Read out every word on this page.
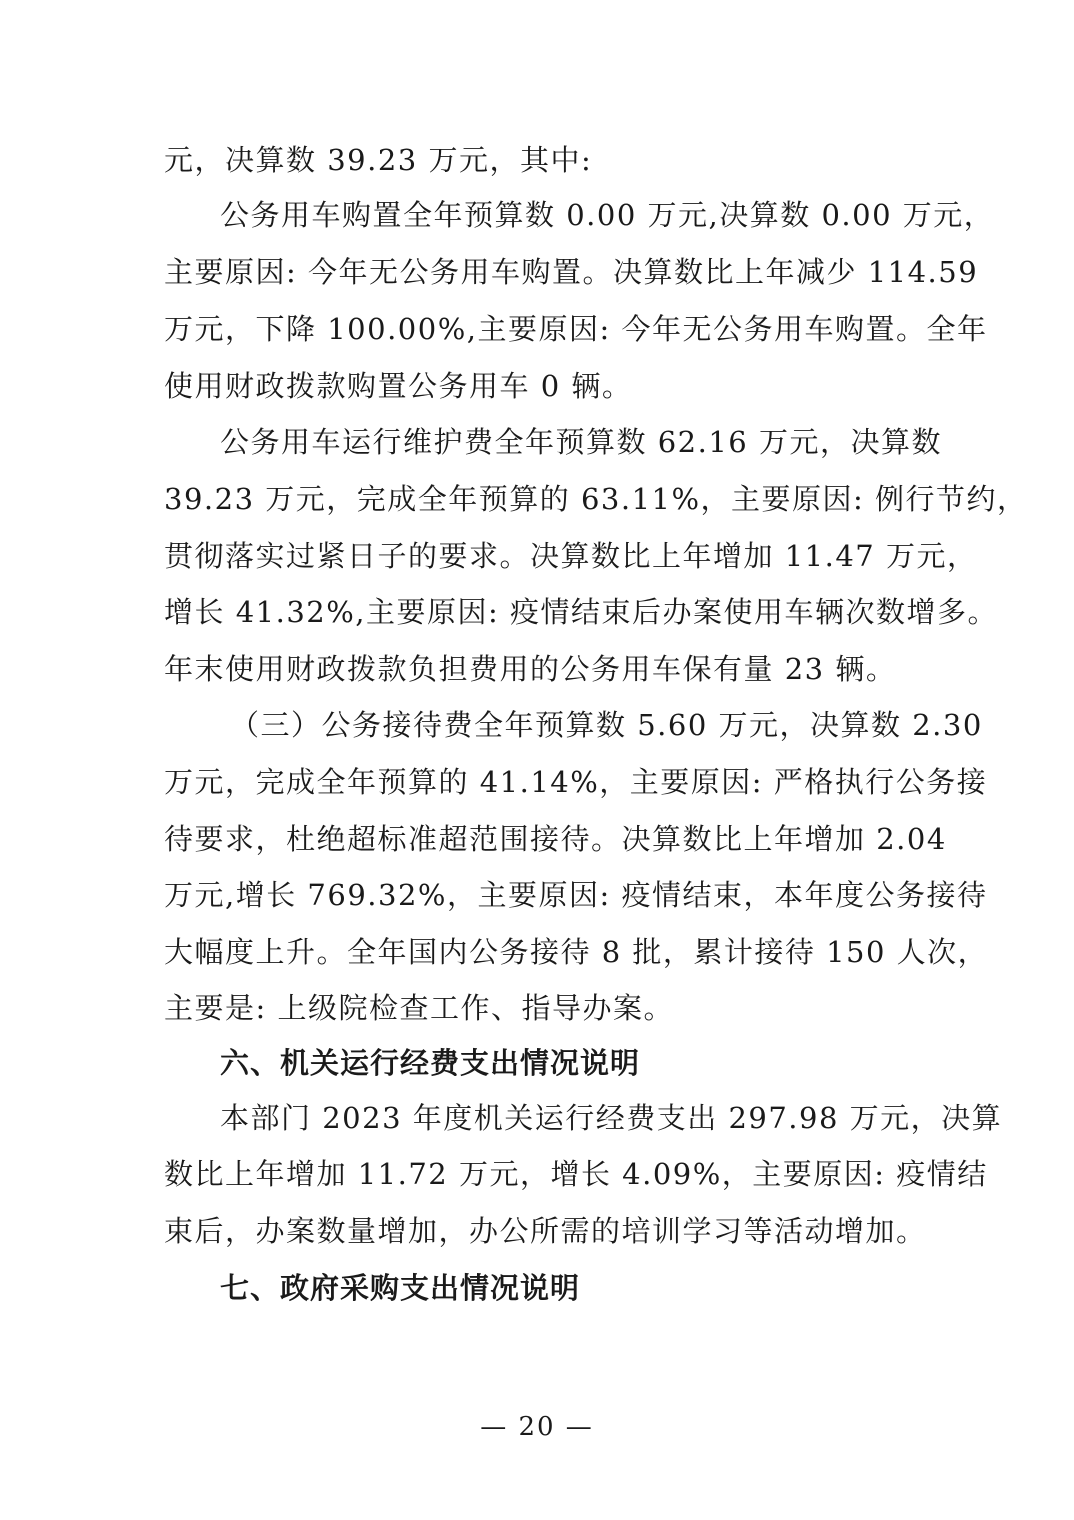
元，决算数 39.23 万元，其中:
公务用车购置全年预算数 0.00 万元,决算数 0.00 万元，
主要原因: 今年无公务用车购置。决算数比上年减少 114.59
万元，下降 100.00%,主要原因: 今年无公务用车购置。全年
使用财政拨款购置公务用车 0 辆。
公务用车运行维护费全年预算数 62.16 万元，决算数
39.23 万元，完成全年预算的 63.11%，主要原因: 例行节约，
贯彻落实过紧日子的要求。决算数比上年增加 11.47 万元，
增长 41.32%,主要原因: 疫情结束后办案使用车辆次数增多。
年末使用财政拨款负担费用的公务用车保有量 23 辆。
（三）公务接待费全年预算数 5.60 万元，决算数 2.30
万元，完成全年预算的 41.14%，主要原因: 严格执行公务接
待要求，杜绝超标准超范围接待。决算数比上年增加 2.04
万元,增长 769.32%，主要原因: 疫情结束，本年度公务接待
大幅度上升。全年国内公务接待 8 批，累计接待 150 人次，
主要是: 上级院检查工作、指导办案。
六、机关运行经费支出情况说明
本部门 2023 年度机关运行经费支出 297.98 万元，决算
数比上年增加 11.72 万元，增长 4.09%，主要原因: 疫情结
束后，办案数量增加，办公所需的培训学习等活动增加。
七、政府采购支出情况说明
— 20 —
